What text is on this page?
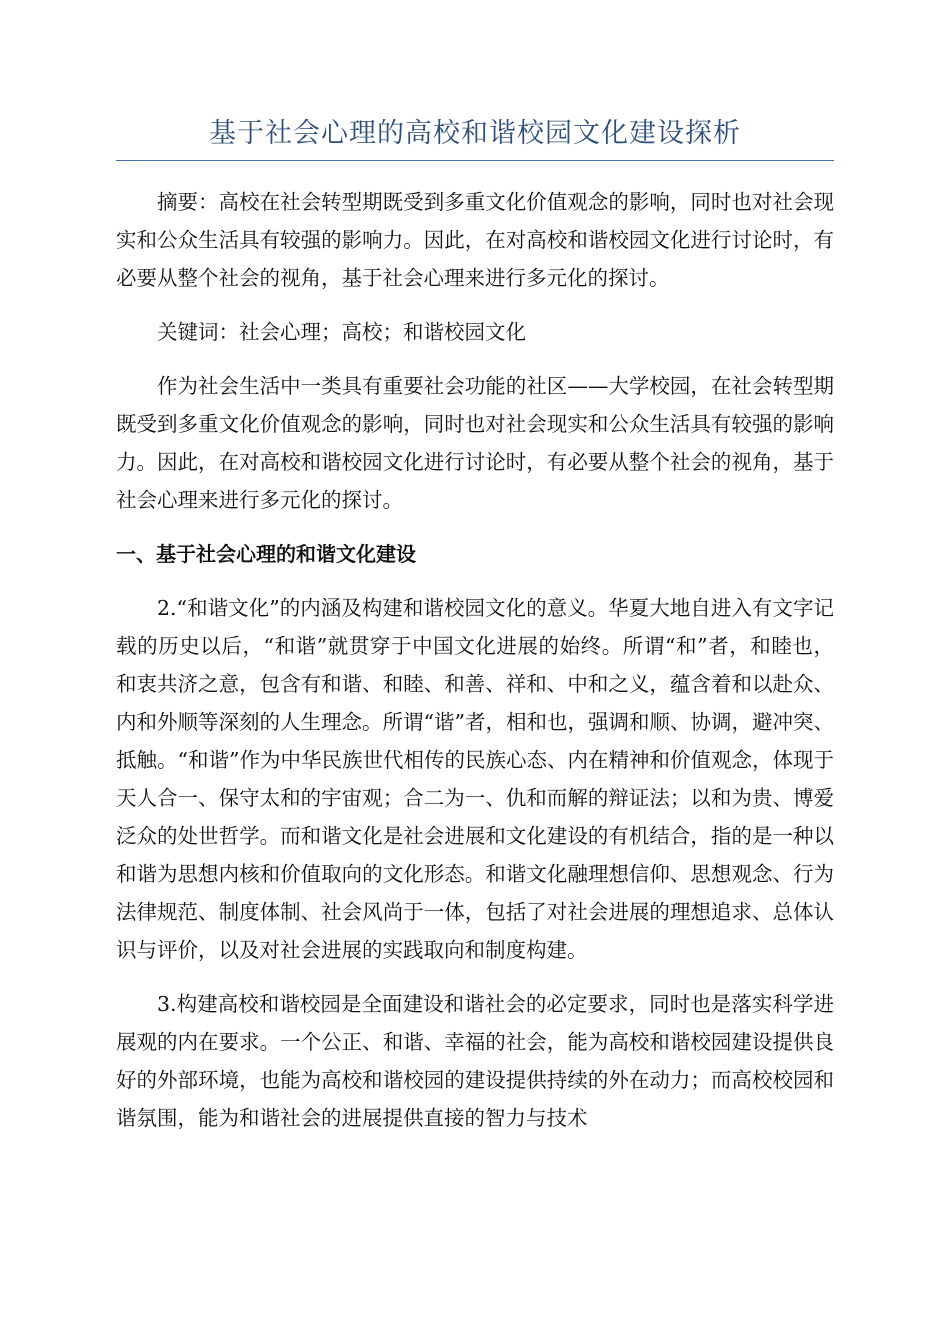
基于社会心理的高校和谐校园文化建设探析

摘要：高校在社会转型期既受到多重文化价值观念的影响，同时也对社会现实和公众生活具有较强的影响力。因此，在对高校和谐校园文化进行讨论时，有必要从整个社会的视角，基于社会心理来进行多元化的探讨。

关键词：社会心理；高校；和谐校园文化

作为社会生活中一类具有重要社会功能的社区——大学校园，在社会转型期既受到多重文化价值观念的影响，同时也对社会现实和公众生活具有较强的影响力。因此，在对高校和谐校园文化进行讨论时，有必要从整个社会的视角，基于社会心理来进行多元化的探讨。

一、基于社会心理的和谐文化建设

2.“和谐文化”的内涵及构建和谐校园文化的意义。华夏大地自进入有文字记载的历史以后，“和谐”就贯穿于中国文化进展的始终。所谓“和”者，和睦也，和衷共济之意，包含有和谐、和睦、和善、祥和、中和之义，蕴含着和以赴众、内和外顺等深刻的人生理念。所谓“谐”者，相和也，强调和顺、协调，避冲突、抵触。“和谐”作为中华民族世代相传的民族心态、内在精神和价值观念，体现于天人合一、保守太和的宇宙观；合二为一、仇和而解的辩证法；以和为贵、博爱泛众的处世哲学。而和谐文化是社会进展和文化建设的有机结合，指的是一种以和谐为思想内核和价值取向的文化形态。和谐文化融理想信仰、思想观念、行为法律规范、制度体制、社会风尚于一体，包括了对社会进展的理想追求、总体认识与评价，以及对社会进展的实践取向和制度构建。

3.构建高校和谐校园是全面建设和谐社会的必定要求，同时也是落实科学进展观的内在要求。一个公正、和谐、幸福的社会，能为高校和谐校园建设提供良好的外部环境，也能为高校和谐校园的建设提供持续的外在动力；而高校校园和谐氛围，能为和谐社会的进展提供直接的智力与技术
